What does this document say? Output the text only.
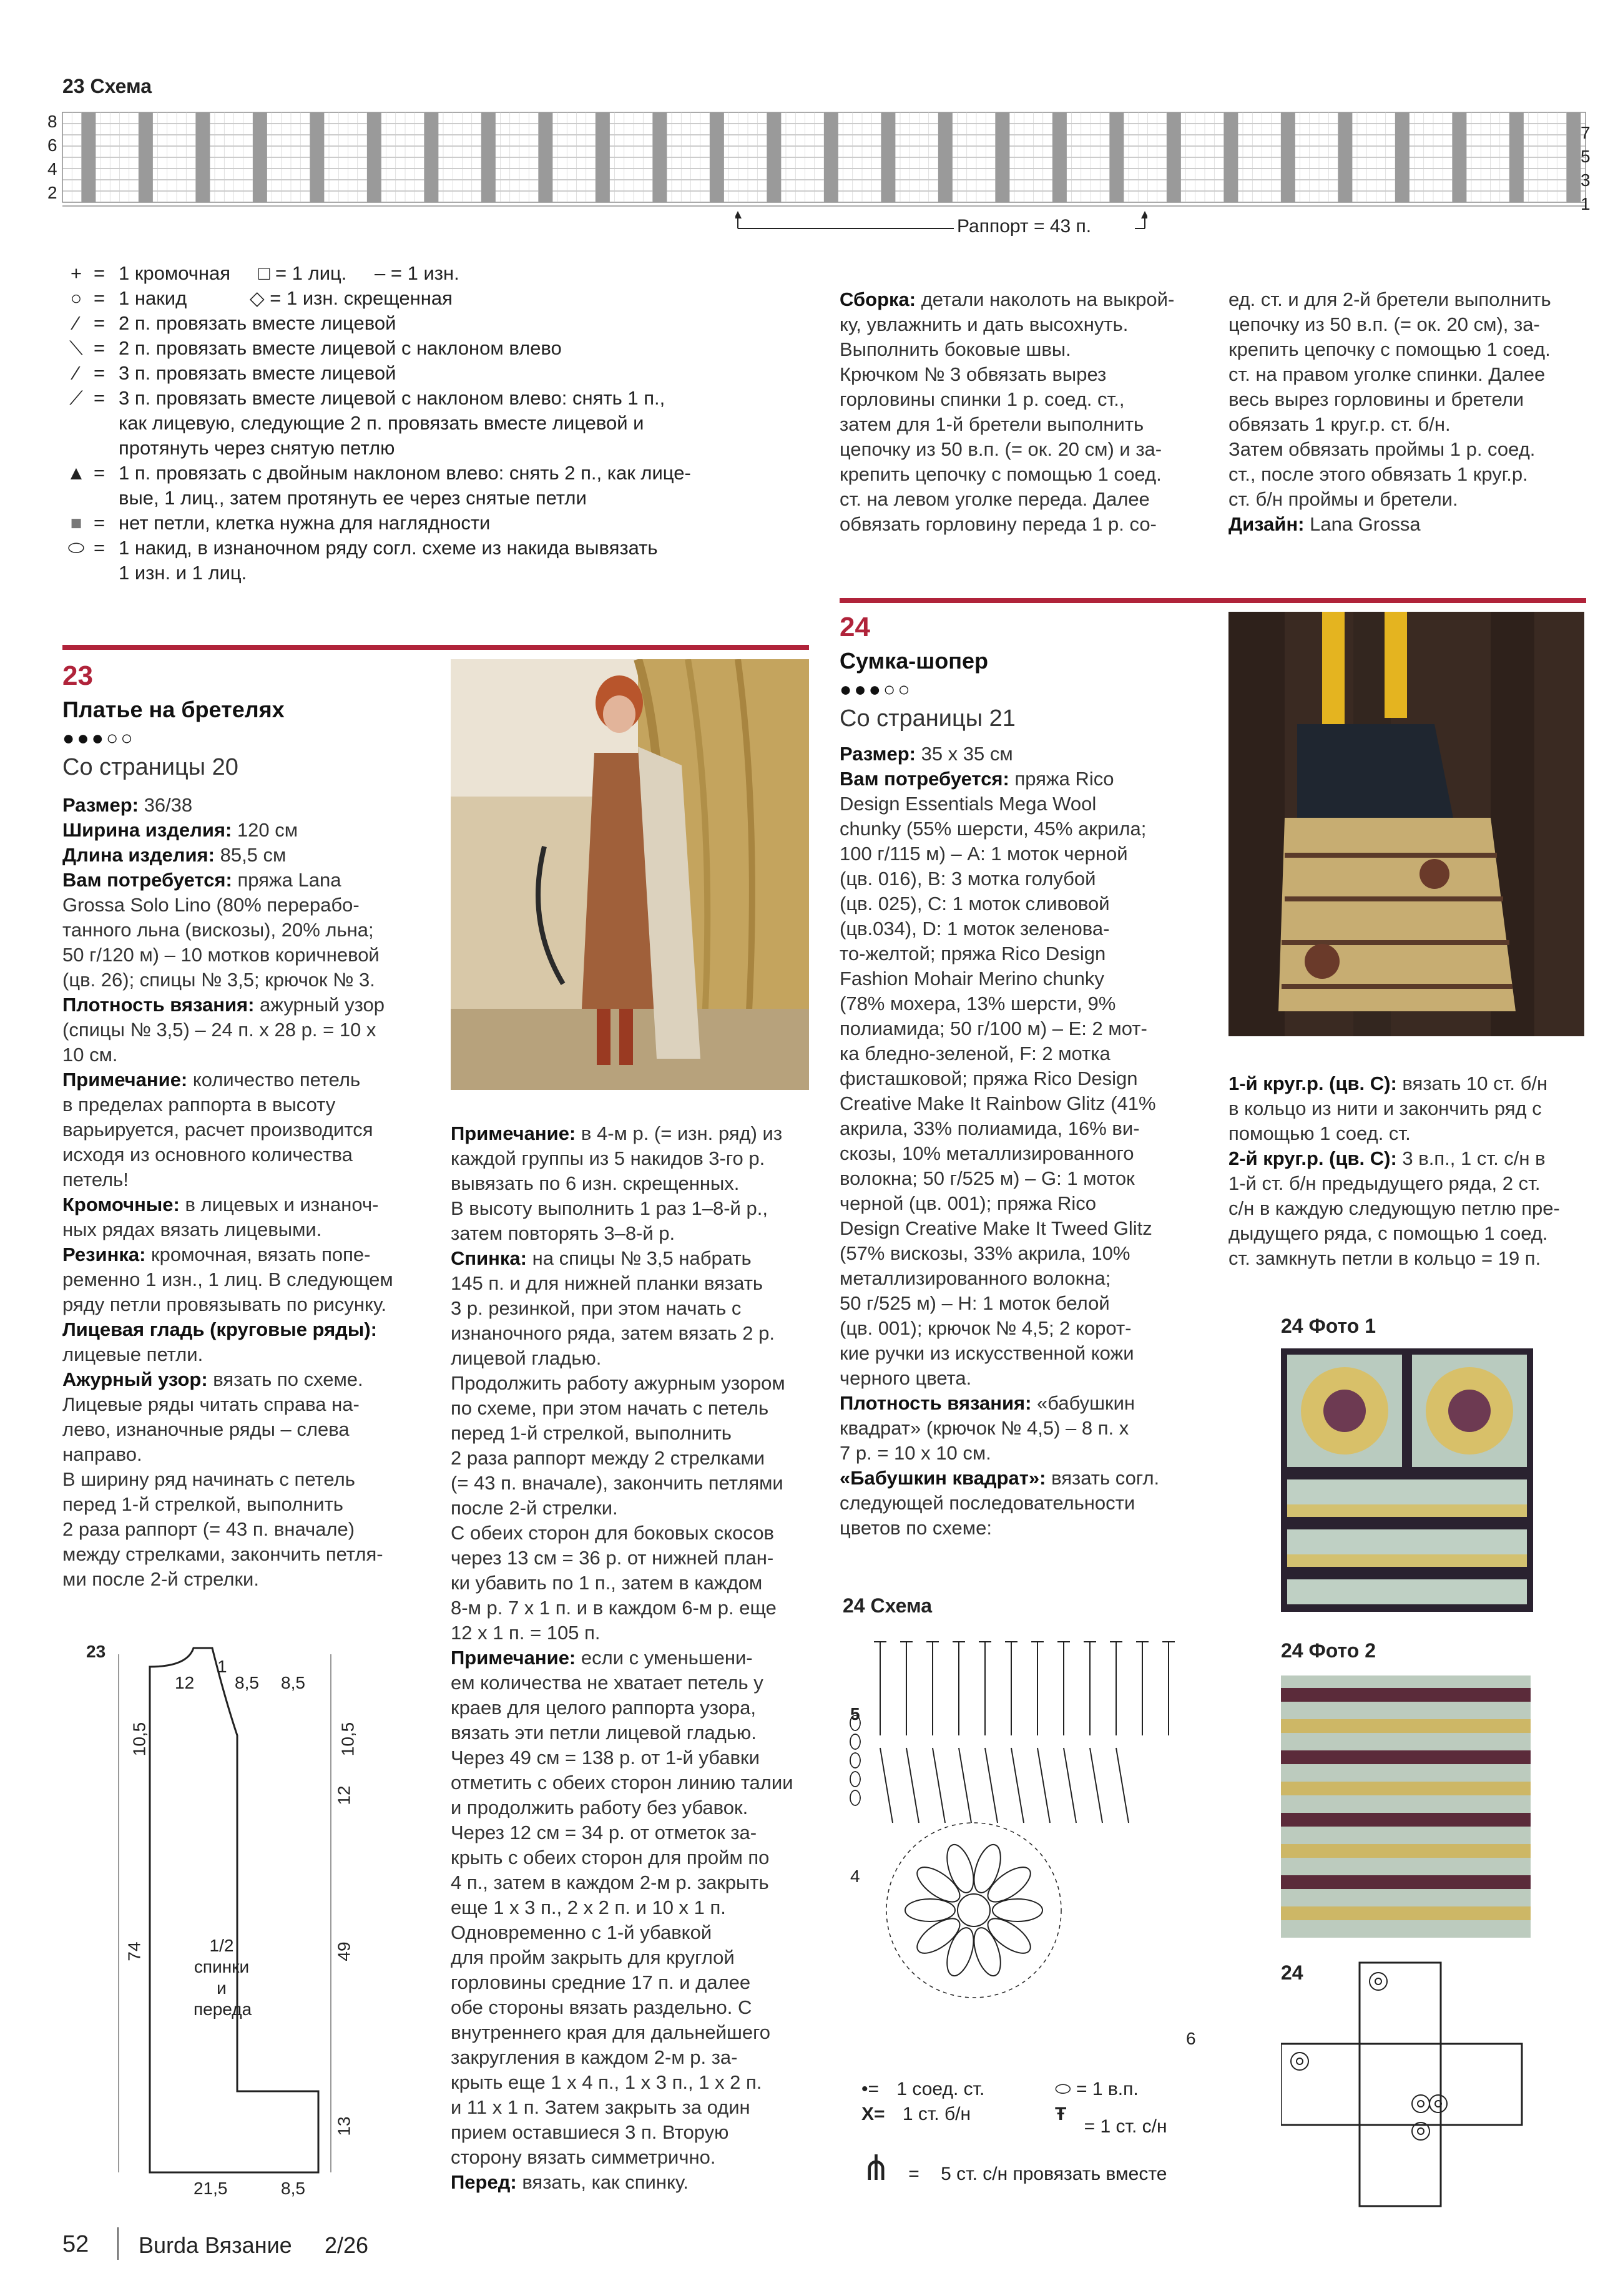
23 Схема
8
6
4
2
7
5
3
1
Раппорт = 43 п.
+ = 1 кромочная □ = 1 лиц. – = 1 изн.
○ = 1 накид	◇ = 1 изн. скрещенная
⁄ = 2 п. провязать вместе лицевой
⟍ = 2 п. провязать вместе лицевой с наклоном влево
⁄ = 3 п. провязать вместе лицевой
⟋ = 3 п. провязать вместе лицевой с наклоном влево: снять 1 п.,
как лицевую, следующие 2 п. провязать вместе лицевой и
протянуть через снятую петлю
▲ = 1 п. провязать с двойным наклоном влево: снять 2 п., как лице-
вые, 1 лиц., затем протянуть ее через снятые петли
■ = нет петли, клетка нужна для наглядности
⬭ = 1 накид, в изнаночном ряду согл. схеме из накида вывязать
1 изн. и 1 лиц.
Сборка: детали наколоть на выкрой-
ку, увлажнить и дать высохнуть.
Выполнить боковые швы.
Крючком № 3 обвязать вырез
горловины спинки 1 р. соед. ст.,
затем для 1-й бретели выполнить
цепочку из 50 в.п. (= ок. 20 см) и за-
крепить цепочку с помощью 1 соед.
ст. на левом уголке переда. Далее
обвязать горловину переда 1 р. со-
ед. ст. и для 2-й бретели выполнить
цепочку из 50 в.п. (= ок. 20 см), за-
крепить цепочку с помощью 1 соед.
ст. на правом уголке спинки. Далее
весь вырез горловины и бретели
обвязать 1 круг.р. ст. б/н.
Затем обвязать проймы 1 р. соед.
ст., после этого обвязать 1 круг.р.
ст. б/н проймы и бретели.
Дизайн: Lana Grossa
23
Платье на бретелях
●●●○○
Со страницы 20
Размер: 36/38
Ширина изделия: 120 см
Длина изделия: 85,5 см
Вам потребуется: пряжа Lana
Grossa Solo Lino (80% перерабо-
танного льна (вискозы), 20% льна;
50 г/120 м) – 10 мотков коричневой
(цв. 26); спицы № 3,5; крючок № 3.
Плотность вязания: ажурный узор
(спицы № 3,5) – 24 п. х 28 р. = 10 х
10 см.
Примечание: количество петель
в пределах раппорта в высоту
варьируется, расчет производится
исходя из основного количества
петель!
Кромочные: в лицевых и изнаноч-
ных рядах вязать лицевыми.
Резинка: кромочная, вязать попе-
ременно 1 изн., 1 лиц. В следующем
ряду петли провязывать по рисунку.
Лицевая гладь (круговые ряды):
лицевые петли.
Ажурный узор: вязать по схеме.
Лицевые ряды читать справа на-
лево, изнаночные ряды – слева
направо.
В ширину ряд начинать с петель
перед 1-й стрелкой, выполнить
2 раза раппорт (= 43 п. вначале)
между стрелками, закончить петля-
ми после 2-й стрелки.
Примечание: в 4-м р. (= изн. ряд) из
каждой группы из 5 накидов 3-го р.
вывязать по 6 изн. скрещенных.
В высоту выполнить 1 раз 1–8-й р.,
затем повторять 3–8-й р.
Спинка: на спицы № 3,5 набрать
145 п. и для нижней планки вязать
3 р. резинкой, при этом начать с
изнаночного ряда, затем вязать 2 р.
лицевой гладью.
Продолжить работу ажурным узором
по схеме, при этом начать с петель
перед 1-й стрелкой, выполнить
2 раза раппорт между 2 стрелками
(= 43 п. вначале), закончить петлями
после 2-й стрелки.
С обеих сторон для боковых скосов
через 13 см = 36 р. от нижней план-
ки убавить по 1 п., затем в каждом
8-м р. 7 х 1 п. и в каждом 6-м р. еще
12 х 1 п. = 105 п.
Примечание: если с уменьшени-
ем количества не хватает петель у
краев для целого раппорта узора,
вязать эти петли лицевой гладью.
Через 49 см = 138 р. от 1-й убавки
отметить с обеих сторон линию талии
и продолжить работу без убавок.
Через 12 см = 34 р. от отметок за-
крыть с обеих сторон для пройм по
4 п., затем в каждом 2-м р. закрыть
еще 1 х 3 п., 2 х 2 п. и 10 х 1 п.
Одновременно с 1-й убавкой
для пройм закрыть для круглой
горловины средние 17 п. и далее
обе стороны вязать раздельно. С
внутреннего края для дальнейшего
закругления в каждом 2-м р. за-
крыть еще 1 х 4 п., 1 х 3 п., 1 х 2 п.
и 11 х 1 п. Затем закрыть за один
прием оставшиеся 3 п. Вторую
сторону вязать симметрично.
Перед: вязать, как спинку.
23
12
1
8,5 8,5
10,5
74
10,5
12
49
13
21,5	8,5
1/2
спинки
и переда
24
Сумка-шопер
●●●○○
Со страницы 21
Размер: 35 x 35 см
Вам потребуется: пряжа Rico
Design Essentials Mega Wool
chunky (55% шерсти, 45% акрила;
100 г/115 м) – A: 1 моток черной
(цв. 016), B: 3 мотка голубой
(цв. 025), C: 1 моток сливовой
(цв.034), D: 1 моток зеленова-
то-желтой; пряжа Rico Design
Fashion Mohair Merino chunky
(78% мохера, 13% шерсти, 9%
полиамида; 50 г/100 м) – E: 2 мот-
ка бледно-зеленой, F: 2 мотка
фисташковой; пряжа Rico Design
Creative Make It Rainbow Glitz (41%
акрила, 33% полиамида, 16% ви-
скозы, 10% металлизированного
волокна; 50 г/525 м) – G: 1 моток
черной (цв. 001); пряжа Rico
Design Creative Make It Tweed Glitz
(57% вискозы, 33% акрила, 10%
металлизированного волокна;
50 г/525 м) – H: 1 моток белой
(цв. 001); крючок № 4,5; 2 корот-
кие ручки из искусственной кожи
черного цвета.
Плотность вязания: «бабушкин
квадрат» (крючок № 4,5) – 8 п. х
7 р. = 10 х 10 см.
«Бабушкин квадрат»: вязать согл.
следующей последовательности
цветов по схеме:
1-й круг.р. (цв. C): вязать 10 ст. б/н
в кольцо из нити и закончить ряд с
помощью 1 соед. ст.
2-й круг.р. (цв. C): 3 в.п., 1 ст. с/н в
1-й ст. б/н предыдущего ряда, 2 ст.
с/н в каждую следующую петлю пре-
дыдущего ряда, с помощью 1 соед.
ст. замкнуть петли в кольцо = 19 п.
24 Фото 1
24 Фото 2
24
24 Схема
5
4
6
•= 1 соед. ст.
X= 1 ст. б/н
⬭ = 1 в.п.
Ŧ = 1 ст. с/н
⋔ = 5 ст. с/н провязать вместе
52 Burda Вязание 2/26
